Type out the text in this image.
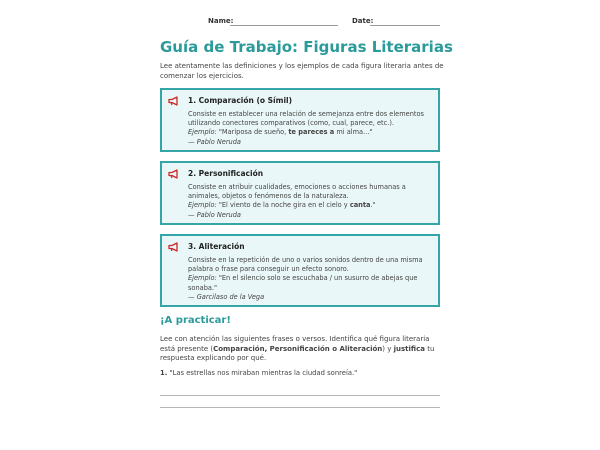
Name:	Date:
Guía de Trabajo: Figuras Literarias
Lee atentamente las definiciones y los ejemplos de cada figura literaria antes de comenzar los ejercicios.
1. Comparación (o Símil)

Consiste en establecer una relación de semejanza entre dos elementos utilizando conectores comparativos (como, cual, parece, etc.).

Ejemplo: "Mariposa de sueño, te pareces a mi alma..."

— Pablo Neruda

2. Personificación

Consiste en atribuir cualidades, emociones o acciones humanas a animales, objetos o fenómenos de la naturaleza.

Ejemplo: "El viento de la noche gira en el cielo y canta."

— Pablo Neruda

3. Aliteración

Consiste en la repetición de uno o varios sonidos dentro de una misma palabra o frase para conseguir un efecto sonoro.

Ejemplo: "En el silencio solo se escuchaba / un susurro de abejas que
sonaba."

— Garcilaso de la Vega

¡A practicar!
Lee con atención las siguientes frases o versos. Identifica qué figura literaria está presente (Comparación, Personificación o Aliteración) y justifica tu respuesta explicando por qué.
1. "Las estrellas nos miraban mientras la ciudad sonreía."
